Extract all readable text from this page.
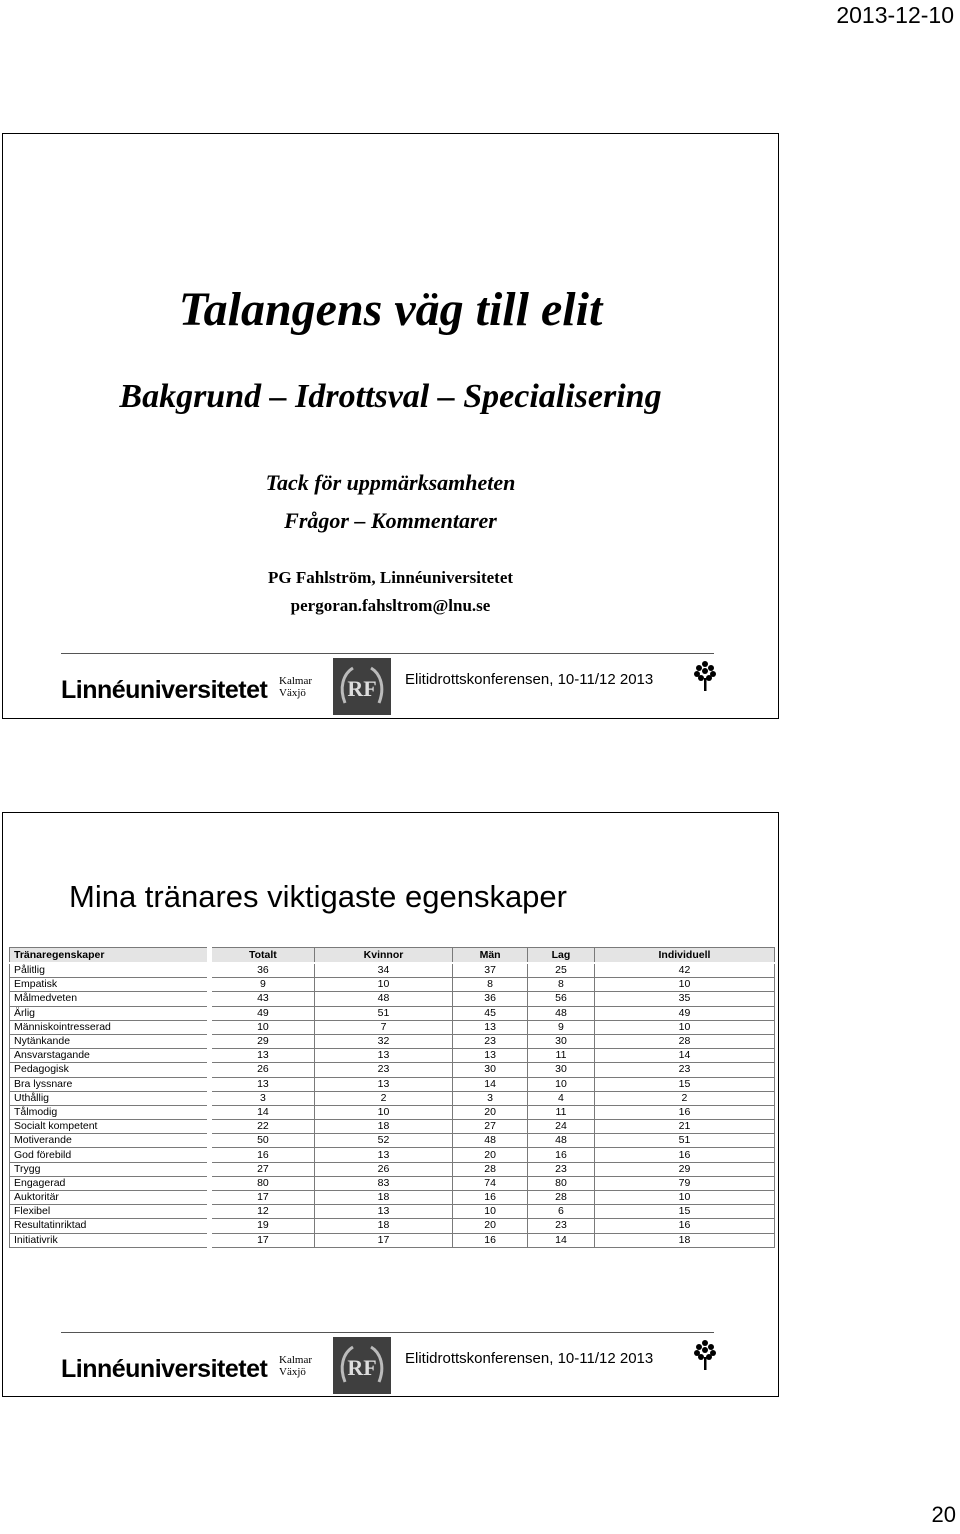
2013-12-10
Talangens väg till elit
Bakgrund – Idrottsval – Specialisering
Tack för uppmärksamheten
Frågor – Kommentarer
PG Fahlström, Linnéuniversitetet
pergoran.fahsltrom@lnu.se
Linnéuniversitetet Kalmar
Växjö RF Elitidrottskonferensen, 10-11/12 2013
Mina tränares viktigaste egenskaper
Tränaregenskaper	Totalt	Kvinnor	Män	Lag	Individuell
Pålitlig	36	34	37	25	42
Empatisk	9	10	8	8	10
Målmedveten	43	48	36	56	35
Ärlig	49	51	45	48	49
Människointresserad	10	7	13	9	10
Nytänkande	29	32	23	30	28
Ansvarstagande	13	13	13	11	14
Pedagogisk	26	23	30	30	23
Bra lyssnare	13	13	14	10	15
Uthållig	3	2	3	4	2
Tålmodig	14	10	20	11	16
Socialt kompetent	22	18	27	24	21
Motiverande	50	52	48	48	51
God förebild	16	13	20	16	16
Trygg	27	26	28	23	29
Engagerad	80	83	74	80	79
Auktoritär	17	18	16	28	10
Flexibel	12	13	10	6	15
Resultatinriktad	19	18	20	23	16
Initiativrik	17	17	16	14	18
Linnéuniversitetet Kalmar
Växjö RF Elitidrottskonferensen, 10-11/12 2013
20
